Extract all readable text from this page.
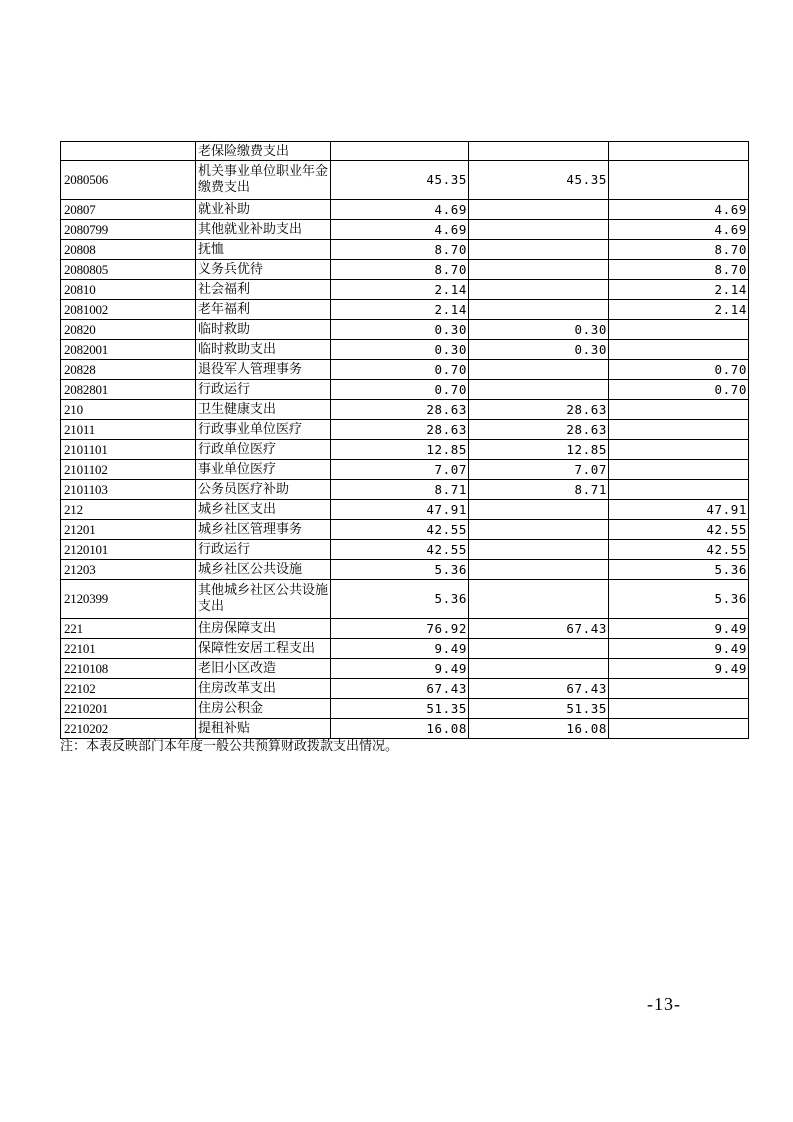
	老保险缴费支出			
2080506	机关事业单位职业年金缴费支出	45.35	45.35	
20807	就业补助	4.69		4.69
2080799	其他就业补助支出	4.69		4.69
20808	抚恤	8.70		8.70
2080805	义务兵优待	8.70		8.70
20810	社会福利	2.14		2.14
2081002	老年福利	2.14		2.14
20820	临时救助	0.30	0.30	
2082001	临时救助支出	0.30	0.30	
20828	退役军人管理事务	0.70		0.70
2082801	行政运行	0.70		0.70
210	卫生健康支出	28.63	28.63	
21011	行政事业单位医疗	28.63	28.63	
2101101	行政单位医疗	12.85	12.85	
2101102	事业单位医疗	7.07	7.07	
2101103	公务员医疗补助	8.71	8.71	
212	城乡社区支出	47.91		47.91
21201	城乡社区管理事务	42.55		42.55
2120101	行政运行	42.55		42.55
21203	城乡社区公共设施	5.36		5.36
2120399	其他城乡社区公共设施支出	5.36		5.36
221	住房保障支出	76.92	67.43	9.49
22101	保障性安居工程支出	9.49		9.49
2210108	老旧小区改造	9.49		9.49
22102	住房改革支出	67.43	67.43	
2210201	住房公积金	51.35	51.35	
2210202	提租补贴	16.08	16.08	
注：本表反映部门本年度一般公共预算财政拨款支出情况。
-13-
